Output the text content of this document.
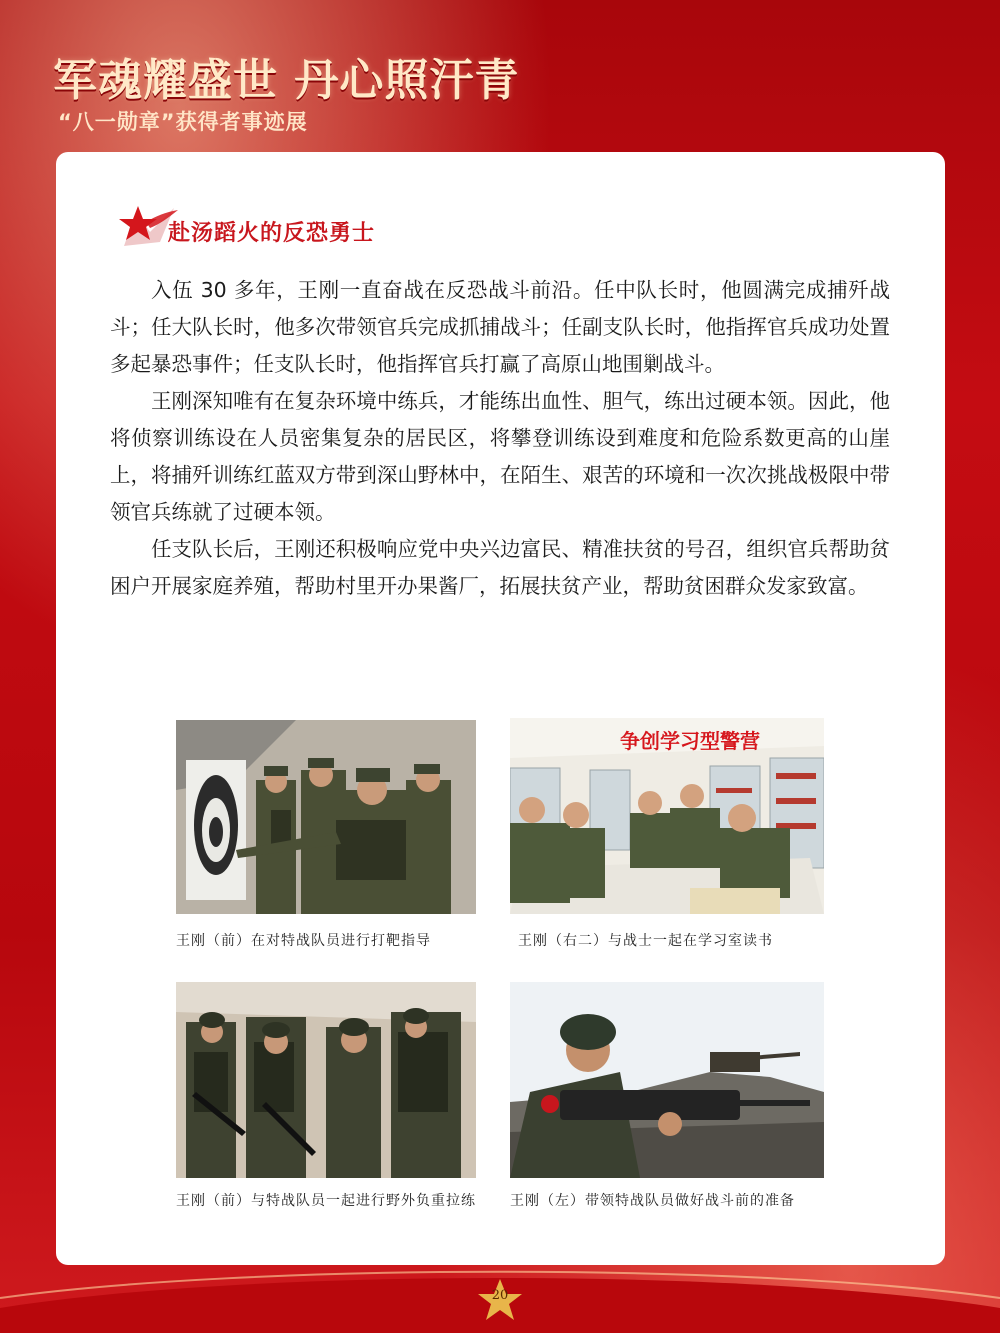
军魂耀盛世 丹心照汗青
“八一勋章”获得者事迹展
赴汤蹈火的反恐勇士

入伍 30 多年，王刚一直奋战在反恐战斗前沿。任中队长时，他圆满完成捕歼战斗；任大队长时，他多次带领官兵完成抓捕战斗；任副支队长时，他指挥官兵成功处置多起暴恐事件；任支队长时，他指挥官兵打赢了高原山地围剿战斗。

王刚深知唯有在复杂环境中练兵，才能练出血性、胆气，练出过硬本领。因此，他将侦察训练设在人员密集复杂的居民区，将攀登训练设到难度和危险系数更高的山崖上，将捕歼训练红蓝双方带到深山野林中，在陌生、艰苦的环境和一次次挑战极限中带领官兵练就了过硬本领。

任支队长后，王刚还积极响应党中央兴边富民、精准扶贫的号召，组织官兵帮助贫困户开展家庭养殖，帮助村里开办果酱厂，拓展扶贫产业，帮助贫困群众发家致富。

王刚（前）在对特战队员进行打靶指导
争创学习型警营
王刚（右二）与战士一起在学习室读书
王刚（前）与特战队员一起进行野外负重拉练	王刚（左）带领特战队员做好战斗前的准备
20
